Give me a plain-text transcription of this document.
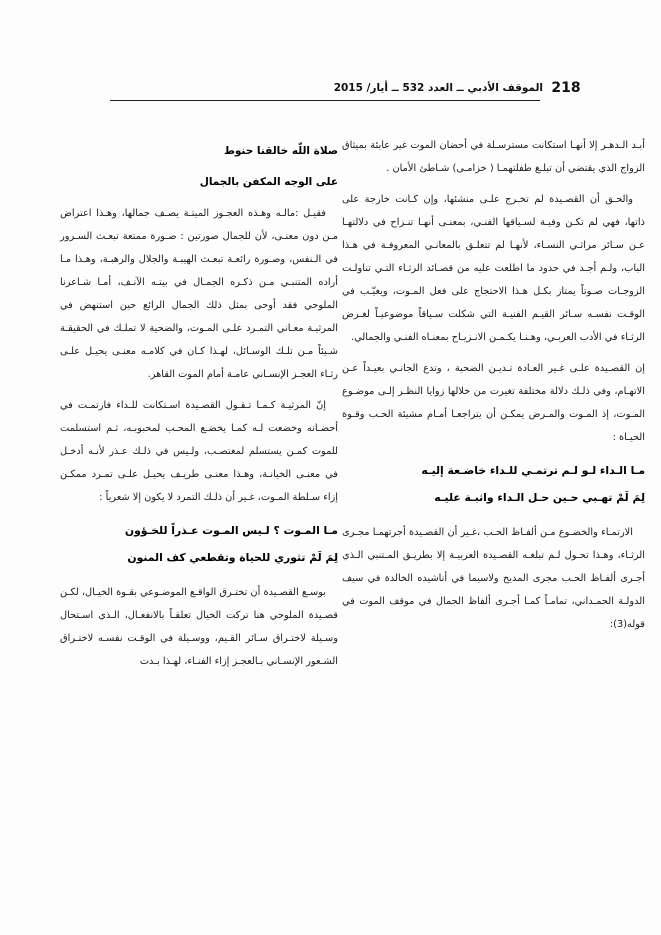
218
الموقف الأدبي ــ العدد 532 ــ أيار/ 2015

أبـد الـدهـر إلا أنهـا استكانت مسترسـلة في أحضان الموت غير عابئة بميثاق الزواج الذي يقتضي أن تبلـغ طفلتهمـا ( خزامـى) شـاطئ الأمان .

والحـق أن القصـيدة لم تخـرج علـى منشئها، وإن كـانت خارجة على ذاتها، فهي لم تكـن وفيـة لسـياقها الفنـي، بمعنـى أنهـا تنـزاح في دلالتهـا عـن سـائر مراثـي النسـاء، لأنهـا لم تتعلـق بالمعانـي المعروفـة في هـذا الباب، ولـم أجـد في حدود ما اطلعت عليه من قصـائد الرثـاء التـي تناولـت الزوجـات صـوتاً يمتاز بكـل هـذا الاحتجاج على فعل المـوت، ويغيّـب في الوقـت نفسـه سـائر القيـم الفنيـة التي شكلت سـياقاً موضوعيـاً لغـرض الرثـاء في الأدب العربـي، وهـنـا يكـمـن الانـزيـاح بمعنـاه الفنـي والجمالي.

إن القصـيدة علـى غـير العـادة تـديـن الضحية ، وتدع الجانـي بعيـداً عـن الاتهـام، وفي ذلـك دلالة مختلفة تغيرت من خلالها زوايا النظـر إلـى موضـوع المـوت، إذ المـوت والمـرض يمكـن أن يتراجعـا أمـام مشيئة الحـب وقـوة الحيـاة :

مـا الـداء لـو لـم ترتمـي للـداء خاضـعة إليـه

لِمَ لَمْ تهـبي حـين حـل الـداء واثبـة عليـه

الارتمـاء والخضـوع مـن ألفـاظ الحـب ،غـير أن القصـيدة أجرتهمـا مجـرى الرثـاء، وهـذا تحـول لـم تبلغـه القصـيدة العربيـة إلا بطريـق المـتنبي الـذي أجـرى ألفـاظ الحـب مجرى المديح ولاسيما في أناشيده الخالدة في سيف الدولـة الحمـداني، تمامـاً كمـا أجـرى ألفاظ الجمال في موقف الموت في قوله(3):

صلاة اللّه خالقنا حنوط

على الوجه المكفن بالجمال

فقيـل :مالـه وهـذه العجـوز الميتـة يصـف جمالها، وهـذا اعتراض مـن دون معنـى، لأن للجمال صورتين : صـورة ممتعة تبعـث السـرور في الـنفس، وصـورة رائعـة تبعـث الهيبـة والجلال والرهبـة، وهـذا مـا أراده المتنبـي مـن ذكـره الجمـال في بيتـه الآنـف، أمـا شـاعرنا الملوحي فقد أوحى بمثل ذلك الجمال الرائع حين استنهض في المرثيـة معـاني التمـرد علـى المـوت، والضحية لا تملـك في الحقيقـة شـيئاً مـن تلـك الوسـائل، لهـذا كـان في كلامـه معنـى يحيـل علـى رثـاء العجـز الإنسـاني عامـة أمام الموت القاهر.

إنّ المرثيـة كـمـا تـقـول القصـيدة اسـتكانت للـداء فارتمـت في أحضـانه وخضعت لـه كمـا يخضـع المحـب لمحبوبـه، ثـم استسلمت للموت كمـن يستسلم لمغتصـب، ولـيس في ذلـك عـذر لأنـه أدخـل في معنـى الخيانـة، وهـذا معنـى طريـف يحيـل علـى تمـرد ممكـن إزاء سـلطة المـوت، غـير أن ذلـك التمرد لا يكون إلا شعرياً :

مـا المـوت ؟ لـيس المـوت عـذراً للخـؤون

لِمَ لَمْ تثوري للحياة وتقطعي كف المنون

بوسـع القصـيدة أن تختـرق الواقـع الموضـوعي بقـوة الخيـال، لكـن قصـيدة الملوحي هنا تركت الخيال تعلقـاً بالانفعـال، الـذي اسـتحال وسـيلة لاختـراق سـائر القـيم، ووسـيلة في الوقـت نفسـه لاختـراق الشـعور الإنسـاني بـالعجـز إزاء الفنـاء، لهـذا بـدت
